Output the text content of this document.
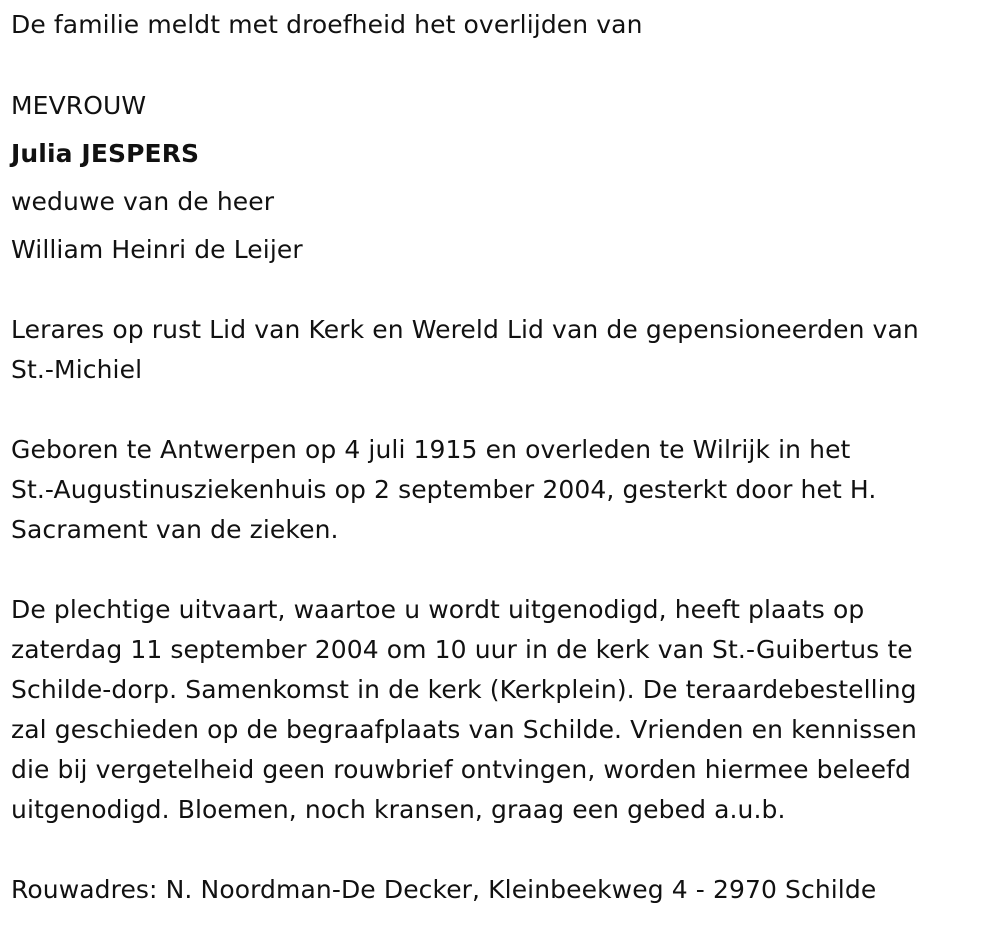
De familie meldt met droefheid het overlijden van
MEVROUW
Julia JESPERS
weduwe van de heer
William Heinri de Leijer
Lerares op rust Lid van Kerk en Wereld Lid van de gepensioneerden van
St.-Michiel
Geboren te Antwerpen op 4 juli 1915 en overleden te Wilrijk in het
St.-Augustinusziekenhuis op 2 september 2004, gesterkt door het H.
Sacrament van de zieken.
De plechtige uitvaart, waartoe u wordt uitgenodigd, heeft plaats op
zaterdag 11 september 2004 om 10 uur in de kerk van St.-Guibertus te
Schilde-dorp. Samenkomst in de kerk (Kerkplein). De teraardebestelling
zal geschieden op de begraafplaats van Schilde. Vrienden en kennissen
die bij vergetelheid geen rouwbrief ontvingen, worden hiermee beleefd
uitgenodigd. Bloemen, noch kransen, graag een gebed a.u.b.
Rouwadres: N. Noordman-De Decker, Kleinbeekweg 4 - 2970 Schilde
